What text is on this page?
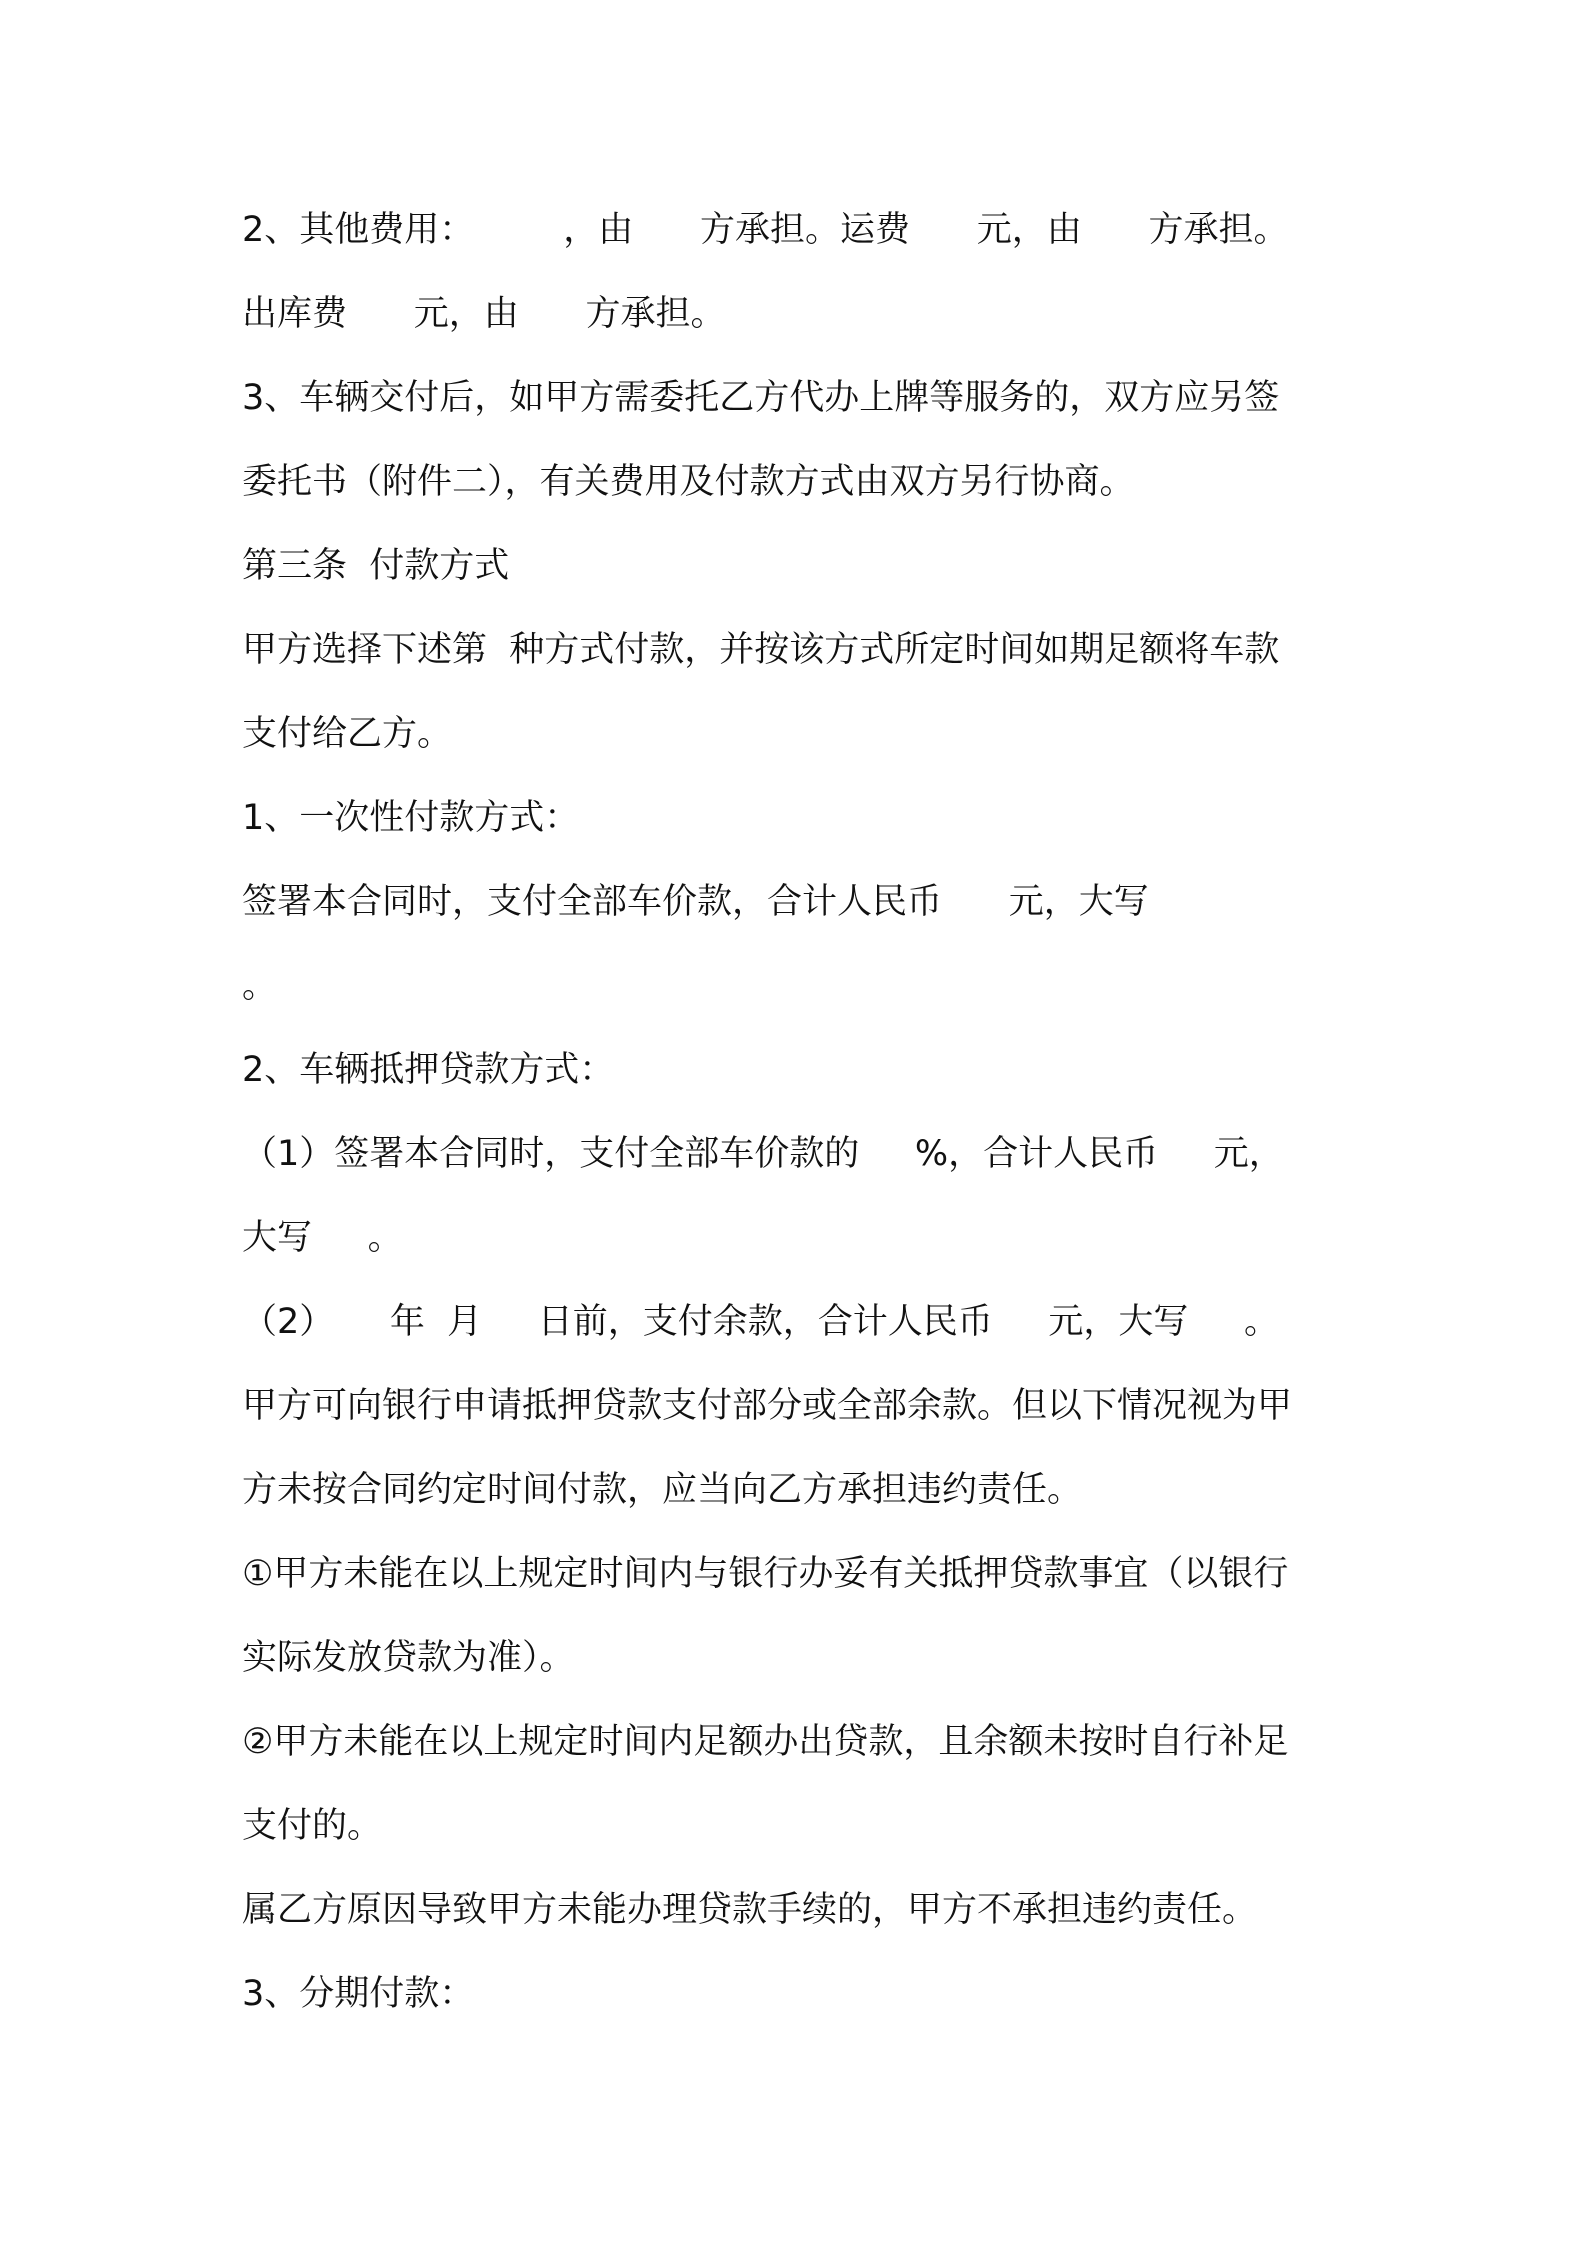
2、其他费用：        ，由      方承担。运费      元，由      方承担。
出库费      元，由      方承担。
3、车辆交付后，如甲方需委托乙方代办上牌等服务的，双方应另签
委托书（附件二），有关费用及付款方式由双方另行协商。
第三条  付款方式
甲方选择下述第  种方式付款，并按该方式所定时间如期足额将车款
支付给乙方。
1、一次性付款方式：
签署本合同时，支付全部车价款，合计人民币      元，大写
。
2、车辆抵押贷款方式：
（1）签署本合同时，支付全部车价款的     %，合计人民币     元，
大写     。
（2）     年  月     日前，支付余款，合计人民币     元，大写     。
甲方可向银行申请抵押贷款支付部分或全部余款。但以下情况视为甲
方未按合同约定时间付款，应当向乙方承担违约责任。
①甲方未能在以上规定时间内与银行办妥有关抵押贷款事宜（以银行
实际发放贷款为准）。
②甲方未能在以上规定时间内足额办出贷款，且余额未按时自行补足
支付的。
属乙方原因导致甲方未能办理贷款手续的，甲方不承担违约责任。
3、分期付款：
